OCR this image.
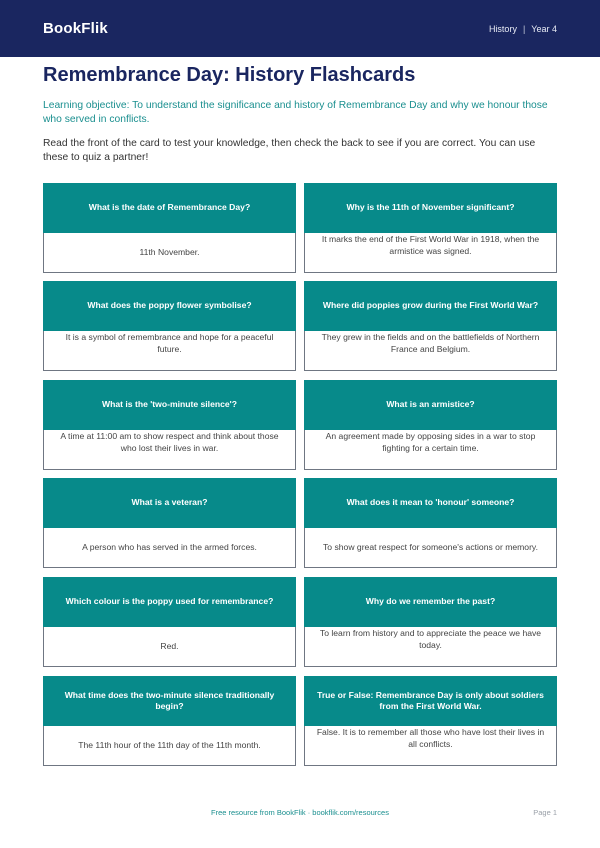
BookFlik	History | Year 4
Remembrance Day: History Flashcards

Learning objective: To understand the significance and history of Remembrance Day and why we honour those who served in conflicts.

Read the front of the card to test your knowledge, then check the back to see if you are correct. You can use these to quiz a partner!

What is the date of Remembrance Day?
11th November.
Why is the 11th of November significant?
It marks the end of the First World War in 1918, when the armistice was signed.
What does the poppy flower symbolise?
It is a symbol of remembrance and hope for a peaceful future.
Where did poppies grow during the First World War?
They grew in the fields and on the battlefields of Northern France and Belgium.
What is the 'two-minute silence'?
A time at 11:00 am to show respect and think about those who lost their lives in war.
What is an armistice?
An agreement made by opposing sides in a war to stop fighting for a certain time.
What is a veteran?
A person who has served in the armed forces.
What does it mean to 'honour' someone?
To show great respect for someone's actions or memory.
Which colour is the poppy used for remembrance?
Red.
Why do we remember the past?
To learn from history and to appreciate the peace we have today.
What time does the two-minute silence traditionally begin?
The 11th hour of the 11th day of the 11th month.
True or False: Remembrance Day is only about soldiers from the First World War.
False. It is to remember all those who have lost their lives in all conflicts.
Free resource from BookFlik · bookflik.com/resources	Page 1
